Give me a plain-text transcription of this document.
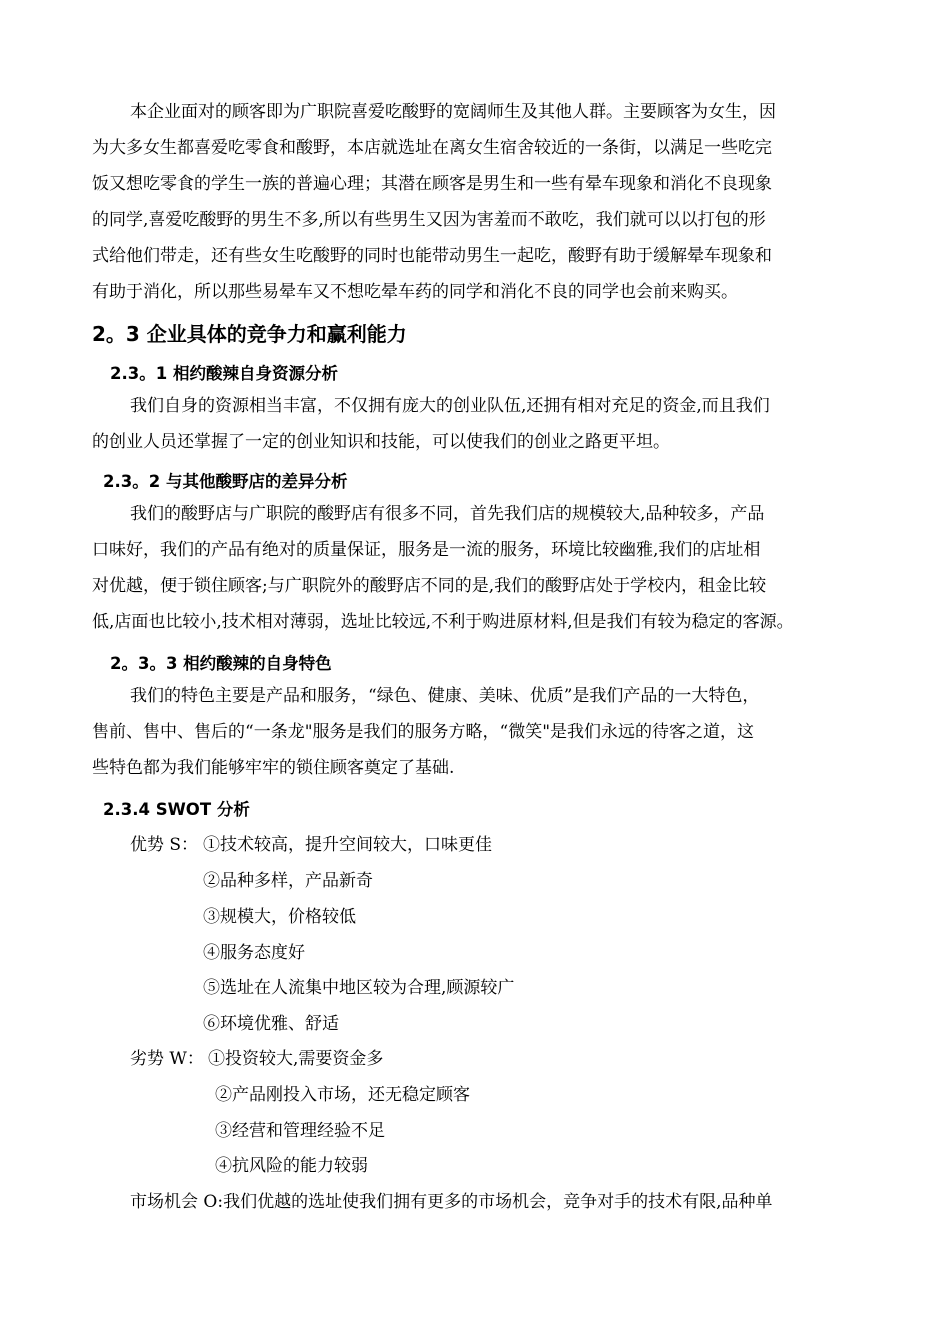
本企业面对的顾客即为广职院喜爱吃酸野的宽阔师生及其他人群。主要顾客为女生，因
为大多女生都喜爱吃零食和酸野，本店就选址在离女生宿舍较近的一条街，以满足一些吃完
饭又想吃零食的学生一族的普遍心理；其潜在顾客是男生和一些有晕车现象和消化不良现象
的同学,喜爱吃酸野的男生不多,所以有些男生又因为害羞而不敢吃，我们就可以以打包的形
式给他们带走，还有些女生吃酸野的同时也能带动男生一起吃，酸野有助于缓解晕车现象和
有助于消化，所以那些易晕车又不想吃晕车药的同学和消化不良的同学也会前来购买。
2。3 企业具体的竞争力和赢利能力
2.3。1 相约酸辣自身资源分析
我们自身的资源相当丰富，不仅拥有庞大的创业队伍,还拥有相对充足的资金,而且我们
的创业人员还掌握了一定的创业知识和技能，可以使我们的创业之路更平坦。
2.3。2 与其他酸野店的差异分析
我们的酸野店与广职院的酸野店有很多不同，首先我们店的规模较大,品种较多，产品
口味好，我们的产品有绝对的质量保证，服务是一流的服务，环境比较幽雅,我们的店址相
对优越，便于锁住顾客;与广职院外的酸野店不同的是,我们的酸野店处于学校内，租金比较
低,店面也比较小,技术相对薄弱，选址比较远,不利于购进原材料,但是我们有较为稳定的客源。
2。3。3 相约酸辣的自身特色
我们的特色主要是产品和服务，“绿色、健康、美味、优质”是我们产品的一大特色，
售前、售中、售后的“一条龙"服务是我们的服务方略，“微笑"是我们永远的待客之道，这
些特色都为我们能够牢牢的锁住顾客奠定了基础.
2.3.4 SWOT 分析
优势 S： ①技术较高，提升空间较大，口味更佳
②品种多样，产品新奇
③规模大，价格较低
④服务态度好
⑤选址在人流集中地区较为合理,顾源较广
⑥环境优雅、舒适
劣势 W： ①投资较大,需要资金多
②产品刚投入市场，还无稳定顾客
③经营和管理经验不足
④抗风险的能力较弱
市场机会 O:我们优越的选址使我们拥有更多的市场机会，竞争对手的技术有限,品种单
